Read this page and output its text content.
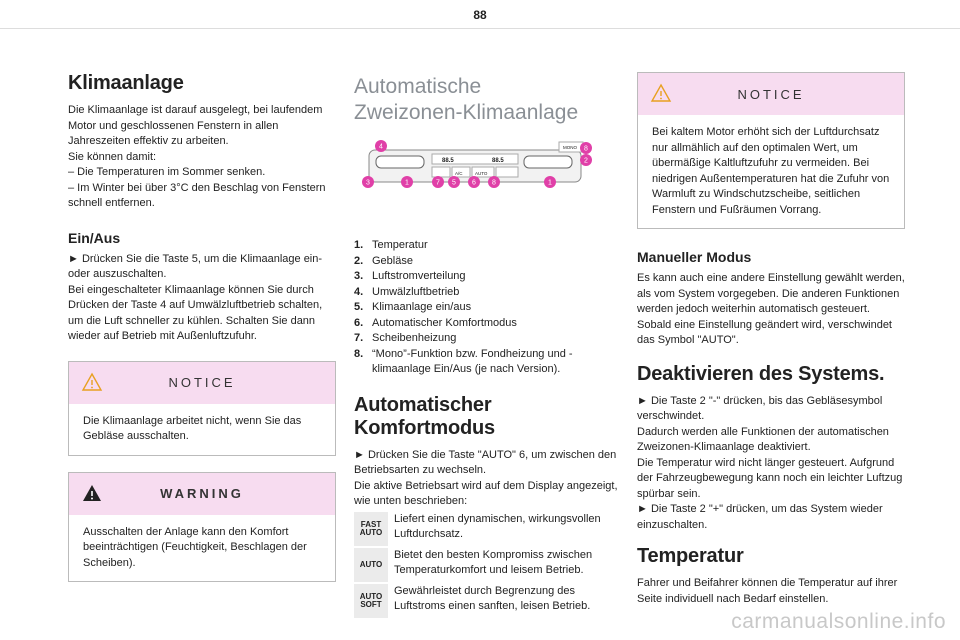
88
Klimaanlage

Die Klimaanlage ist darauf ausgelegt, bei laufendem Motor und geschlossenen Fenstern in allen Jahreszeiten effektiv zu arbeiten.

Sie können damit:

– Die Temperaturen im Sommer senken.

– Im Winter bei über 3°C den Beschlag von Fenstern schnell entfernen.

Ein/Aus

► Drücken Sie die Taste 5, um die Klimaanlage ein- oder auszuschalten.

Bei eingeschalteter Klimaanlage können Sie durch Drücken der Taste 4 auf Umwälzluftbetrieb schalten, um die Luft schneller zu kühlen. Schalten Sie dann wieder auf Betrieb mit Außenluftzufuhr.

NOTICE
Die Klimaanlage arbeitet nicht, wenn Sie das Gebläse ausschalten.
WARNING
Ausschalten der Anlage kann den Komfort beeinträchtigen (Feuchtigkeit, Beschlagen der Scheiben).
Automatische
Zweizonen-Klimaanlage
88.5	88.5
A/C	AUTO
MONO
4
3	1	7 5 6 8	1
2
8
1. Temperatur
2. Gebläse
3. Luftstromverteilung
4. Umwälzluftbetrieb
5. Klimaanlage ein/aus
6. Automatischer Komfortmodus
7. Scheibenheizung
8. “Mono”-Funktion bzw. Fondheizung und -klimaanlage Ein/Aus (je nach Version).
Automatischer Komfortmodus

► Drücken Sie die Taste "AUTO" 6, um zwischen den Betriebsarten zu wechseln.

Die aktive Betriebsart wird auf dem Display angezeigt, wie unten beschrieben:

FAST
AUTO
Liefert einen dynamischen, wirkungsvollen Luftdurchsatz.
AUTO
Bietet den besten Kompromiss zwischen Temperaturkomfort und leisem Betrieb.
AUTO
SOFT
Gewährleistet durch Begrenzung des Luftstroms einen sanften, leisen Betrieb.
NOTICE
Bei kaltem Motor erhöht sich der Luftdurchsatz nur allmählich auf den optimalen Wert, um übermäßige Kaltluftzufuhr zu vermeiden. Bei niedrigen Außentemperaturen hat die Zufuhr von Warmluft zu Windschutzscheibe, seitlichen Fenstern und Fußräumen Vorrang.
Manueller Modus

Es kann auch eine andere Einstellung gewählt werden, als vom System vorgegeben. Die anderen Funktionen werden jedoch weiterhin automatisch gesteuert. Sobald eine Einstellung geändert wird, verschwindet das Symbol "AUTO".

Deaktivieren des Systems.

► Die Taste 2 "-" drücken, bis das Gebläsesymbol verschwindet.

Dadurch werden alle Funktionen der automatischen Zweizonen-Klimaanlage deaktiviert.

Die Temperatur wird nicht länger gesteuert. Aufgrund der Fahrzeugbewegung kann noch ein leichter Luftzug spürbar sein.

► Die Taste 2 "+" drücken, um das System wieder einzuschalten.

Temperatur

Fahrer und Beifahrer können die Temperatur auf ihrer Seite individuell nach Bedarf einstellen.

carmanualsonline.info
